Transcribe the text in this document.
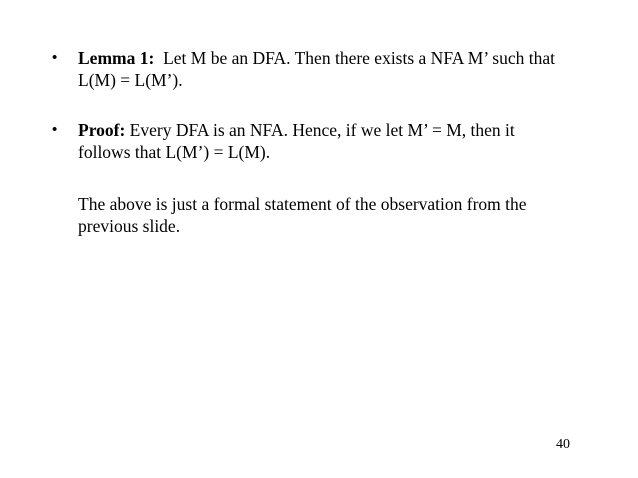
•	Lemma 1: Let M be an DFA. Then there exists a NFA M’ such that
L(M) = L(M’).
•	Proof: Every DFA is an NFA. Hence, if we let M’ = M, then it
follows that L(M’) = L(M).
The above is just a formal statement of the observation from the
previous slide.
40
